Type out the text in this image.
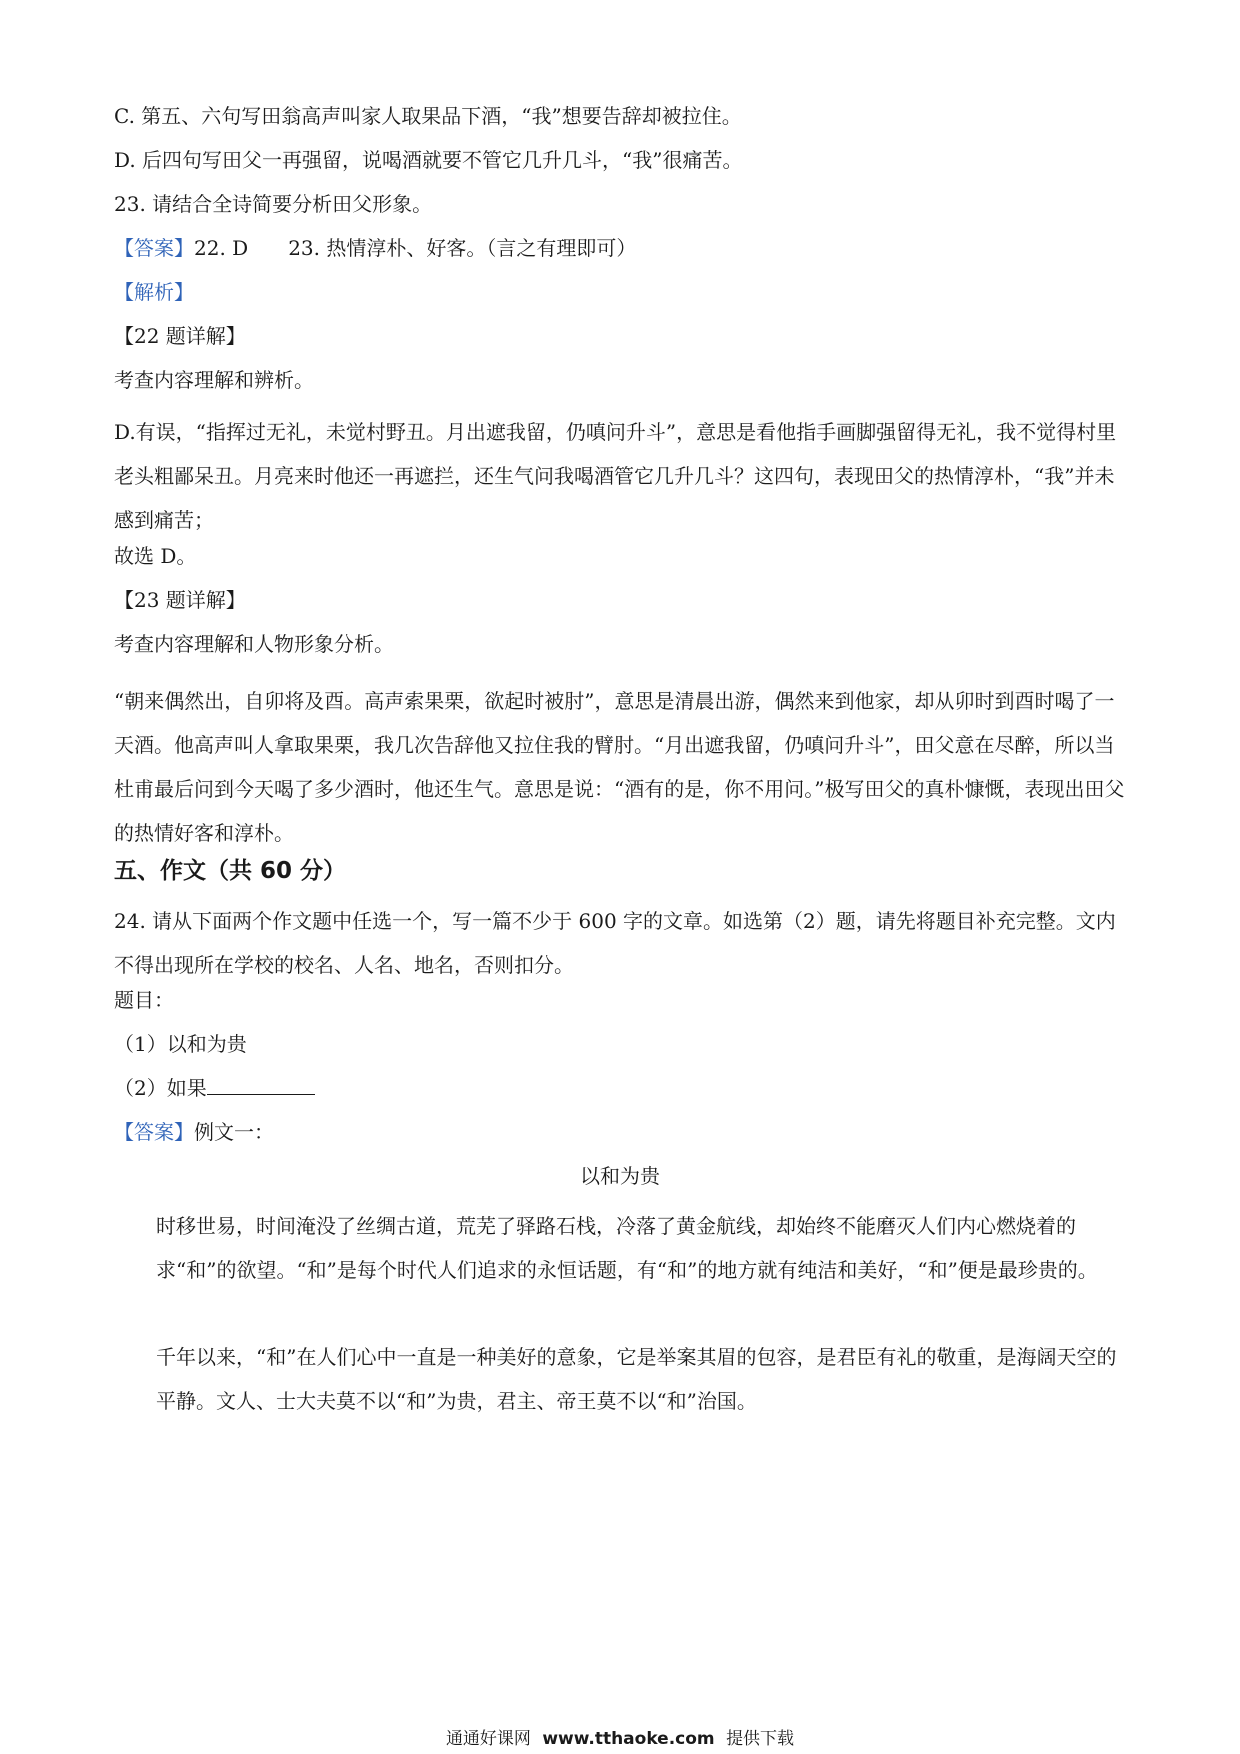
C. 第五、六句写田翁高声叫家人取果品下酒，“我”想要告辞却被拉住。
D. 后四句写田父一再强留，说喝酒就要不管它几升几斗，“我”很痛苦。
23. 请结合全诗简要分析田父形象。
【答案】22. D 23. 热情淳朴、好客。（言之有理即可）
【解析】
【22 题详解】
考查内容理解和辨析。
D.有误，“指挥过无礼，未觉村野丑。月出遮我留，仍嗔问升斗”，意思是看他指手画脚强留得无礼，我不觉得村里老头粗鄙呆丑。月亮来时他还一再遮拦，还生气问我喝酒管它几升几斗？这四句，表现田父的热情淳朴，“我”并未感到痛苦；
故选 D。
【23 题详解】
考查内容理解和人物形象分析。
“朝来偶然出，自卯将及酉。高声索果栗，欲起时被肘”，意思是清晨出游，偶然来到他家，却从卯时到酉时喝了一天酒。他高声叫人拿取果栗，我几次告辞他又拉住我的臂肘。“月出遮我留，仍嗔问升斗”，田父意在尽醉，所以当杜甫最后问到今天喝了多少酒时，他还生气。意思是说：“酒有的是，你不用问。”极写田父的真朴慷慨，表现出田父的热情好客和淳朴。
五、作文（共 60 分）
24. 请从下面两个作文题中任选一个，写一篇不少于 600 字的文章。如选第（2）题，请先将题目补充完整。文内不得出现所在学校的校名、人名、地名，否则扣分。
题目：
（1）以和为贵
（2）如果
【答案】例文一：
以和为贵
时移世易，时间淹没了丝绸古道，荒芜了驿路石栈，冷落了黄金航线，却始终不能磨灭人们内心燃烧着的求“和”的欲望。“和”是每个时代人们追求的永恒话题，有“和”的地方就有纯洁和美好，“和”便是最珍贵的。
千年以来，“和”在人们心中一直是一种美好的意象，它是举案其眉的包容，是君臣有礼的敬重，是海阔天空的平静。文人、士大夫莫不以“和”为贵，君主、帝王莫不以“和”治国。
通通好课网 www.tthaoke.com 提供下载
